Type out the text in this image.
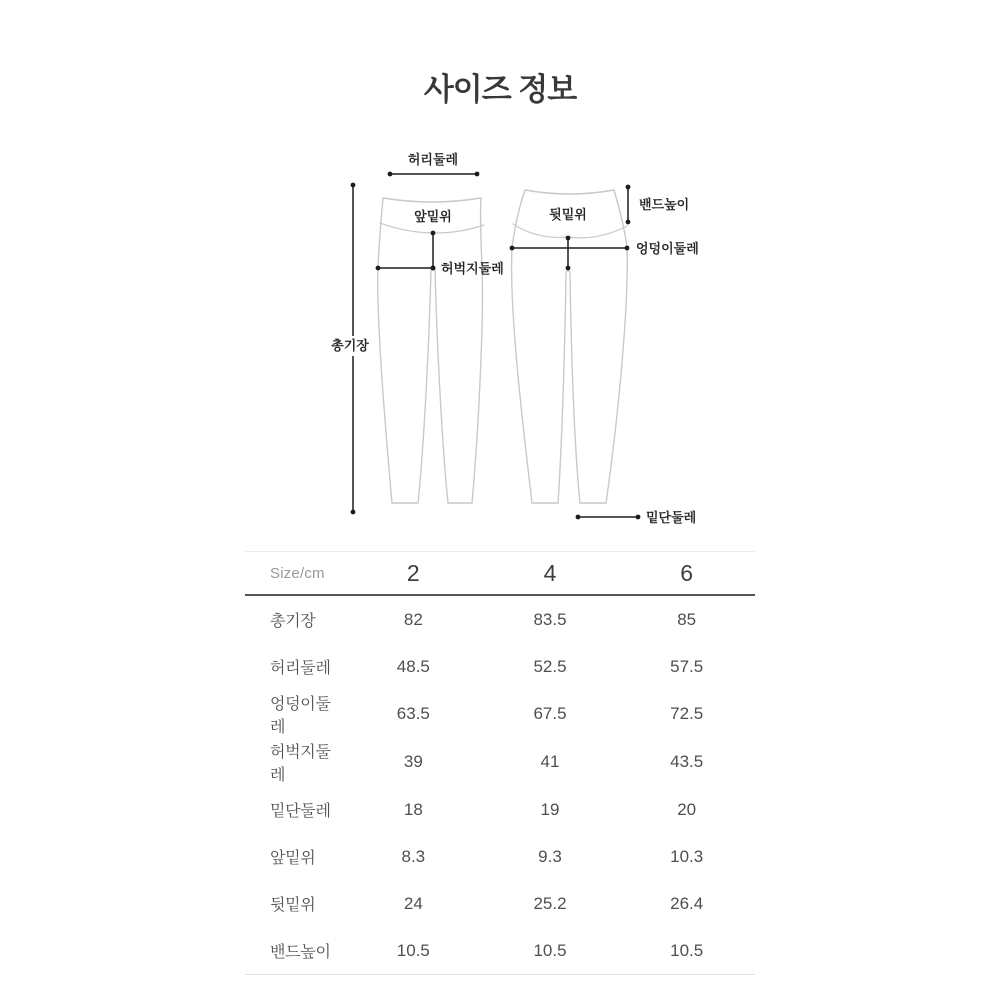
사이즈 정보
총기장
허리둘레
앞밑위
허벅지둘레
뒷밑위
엉덩이둘레
밴드높이
밑단둘레
Size/cm	2	4	6
총기장	82	83.5	85
허리둘레	48.5	52.5	57.5
엉덩이둘레	63.5	67.5	72.5
허벅지둘레	39	41	43.5
밑단둘레	18	19	20
앞밑위	8.3	9.3	10.3
뒷밑위	24	25.2	26.4
밴드높이	10.5	10.5	10.5
